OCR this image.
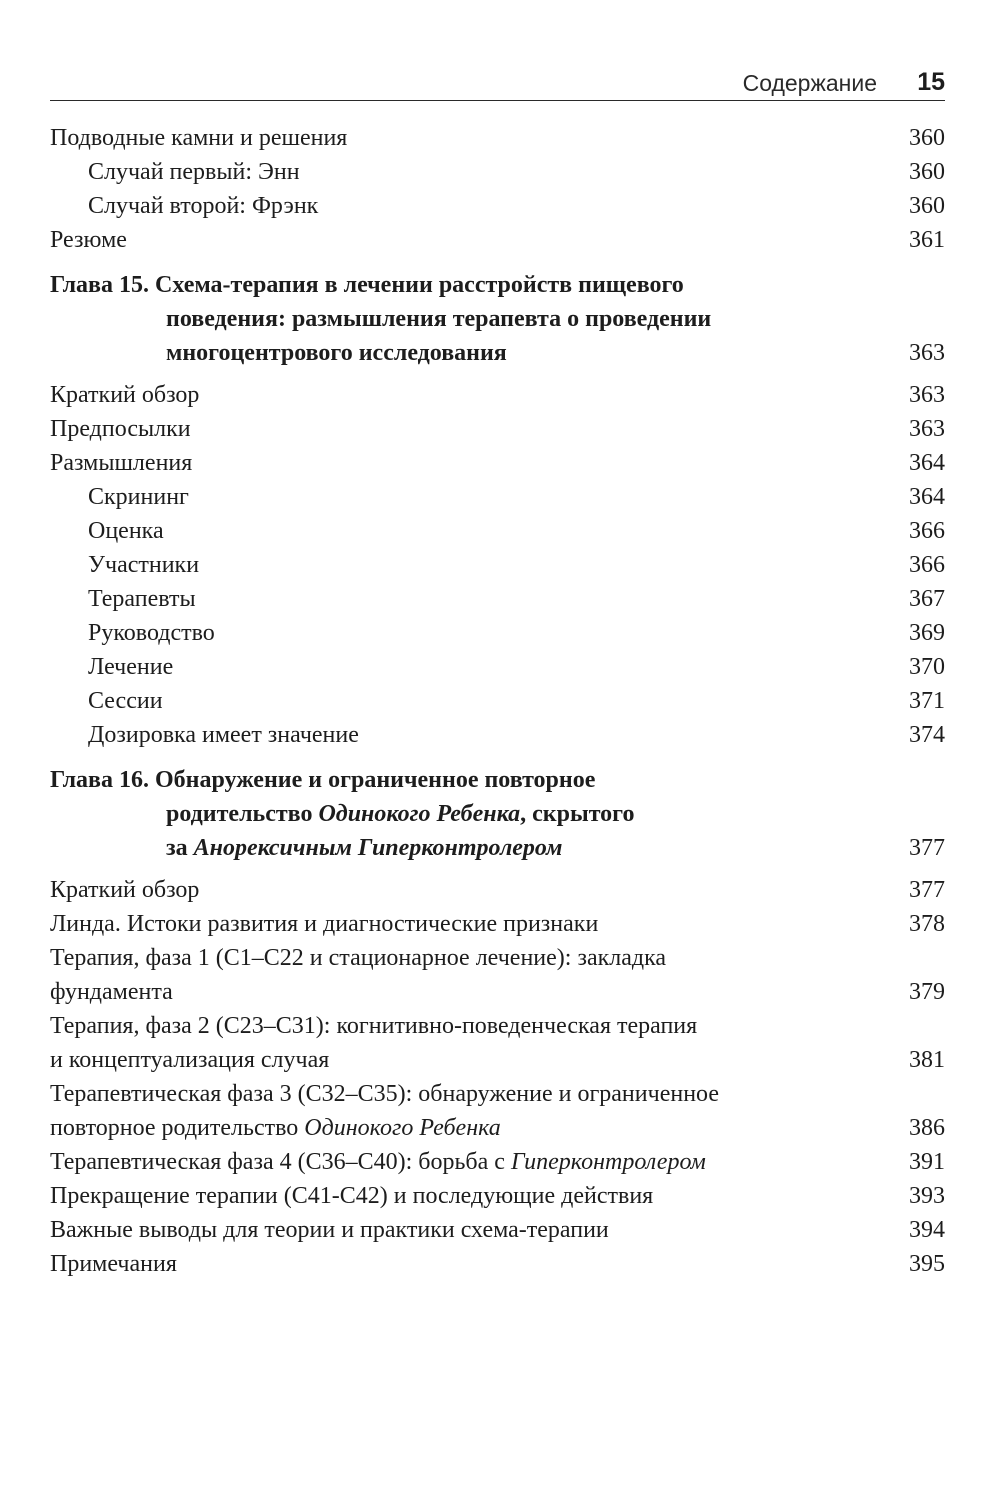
Содержание 15
Подводные камни и решения	360
Случай первый: Энн	360
Случай второй: Фрэнк	360
Резюме	361
Глава 15. Схема-терапия в лечении расстройств пищевого
поведения: размышления терапевта о проведении
многоцентрового исследования	363
Краткий обзор	363
Предпосылки	363
Размышления	364
Скрининг	364
Оценка	366
Участники	366
Терапевты	367
Руководство	369
Лечение	370
Сессии	371
Дозировка имеет значение	374
Глава 16. Обнаружение и ограниченное повторное
родительство Одинокого Ребенка, скрытого
за Анорексичным Гиперконтролером	377
Краткий обзор	377
Линда. Истоки развития и диагностические признаки	378
Терапия, фаза 1 (С1–С22 и стационарное лечение): закладка
фундамента	379
Терапия, фаза 2 (С23–С31): когнитивно-поведенческая терапия
и концептуализация случая	381
Терапевтическая фаза 3 (С32–С35): обнаружение и ограниченное
повторное родительство Одинокого Ребенка	386
Терапевтическая фаза 4 (С36–С40): борьба с Гиперконтролером	391
Прекращение терапии (С41-С42) и последующие действия	393
Важные выводы для теории и практики схема-терапии	394
Примечания	395
